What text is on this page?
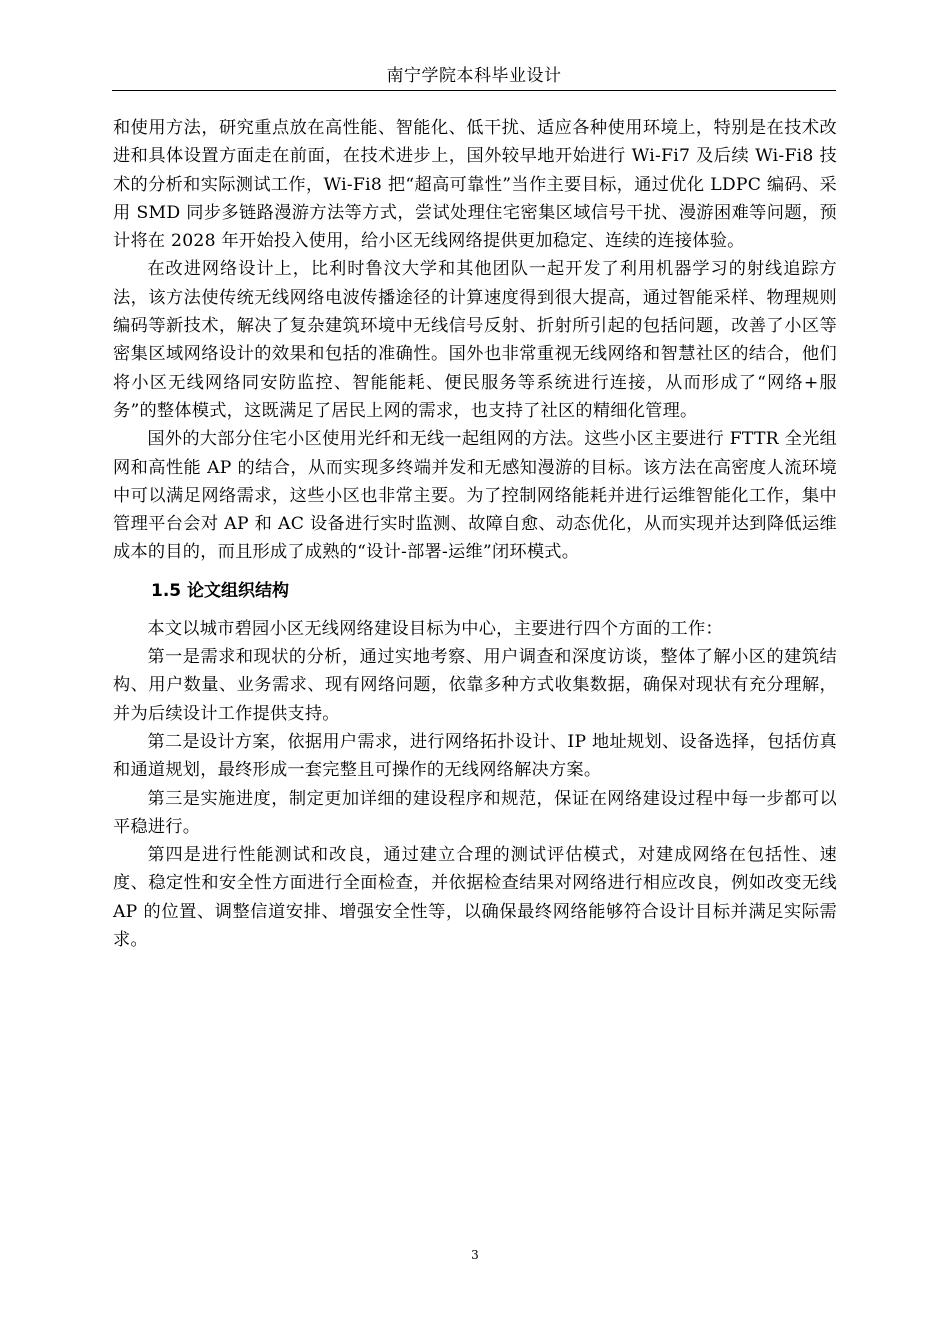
南宁学院本科毕业设计

和使用方法，研究重点放在高性能、智能化、低干扰、适应各种使用环境上，特别是在技术改进和具体设置方面走在前面，在技术进步上，国外较早地开始进行 Wi-Fi7 及后续 Wi-Fi8 技术的分析和实际测试工作，Wi-Fi8 把“超高可靠性”当作主要目标，通过优化 LDPC 编码、采用 SMD 同步多链路漫游方法等方式，尝试处理住宅密集区域信号干扰、漫游困难等问题，预计将在 2028 年开始投入使用，给小区无线网络提供更加稳定、连续的连接体验。

在改进网络设计上，比利时鲁汶大学和其他团队一起开发了利用机器学习的射线追踪方法，该方法使传统无线网络电波传播途径的计算速度得到很大提高，通过智能采样、物理规则编码等新技术，解决了复杂建筑环境中无线信号反射、折射所引起的包括问题，改善了小区等密集区域网络设计的效果和包括的准确性。国外也非常重视无线网络和智慧社区的结合，他们将小区无线网络同安防监控、智能能耗、便民服务等系统进行连接，从而形成了“网络+服务”的整体模式，这既满足了居民上网的需求，也支持了社区的精细化管理。

国外的大部分住宅小区使用光纤和无线一起组网的方法。这些小区主要进行 FTTR 全光组网和高性能 AP 的结合，从而实现多终端并发和无感知漫游的目标。该方法在高密度人流环境中可以满足网络需求，这些小区也非常主要。为了控制网络能耗并进行运维智能化工作，集中管理平台会对 AP 和 AC 设备进行实时监测、故障自愈、动态优化，从而实现并达到降低运维成本的目的，而且形成了成熟的“设计-部署-运维”闭环模式。

1.5 论文组织结构

本文以城市碧园小区无线网络建设目标为中心，主要进行四个方面的工作：

第一是需求和现状的分析，通过实地考察、用户调查和深度访谈，整体了解小区的建筑结构、用户数量、业务需求、现有网络问题，依靠多种方式收集数据，确保对现状有充分理解，并为后续设计工作提供支持。

第二是设计方案，依据用户需求，进行网络拓扑设计、IP 地址规划、设备选择，包括仿真和通道规划，最终形成一套完整且可操作的无线网络解决方案。

第三是实施进度，制定更加详细的建设程序和规范，保证在网络建设过程中每一步都可以平稳进行。

第四是进行性能测试和改良，通过建立合理的测试评估模式，对建成网络在包括性、速度、稳定性和安全性方面进行全面检查，并依据检查结果对网络进行相应改良，例如改变无线 AP 的位置、调整信道安排、增强安全性等，以确保最终网络能够符合设计目标并满足实际需求。

3
